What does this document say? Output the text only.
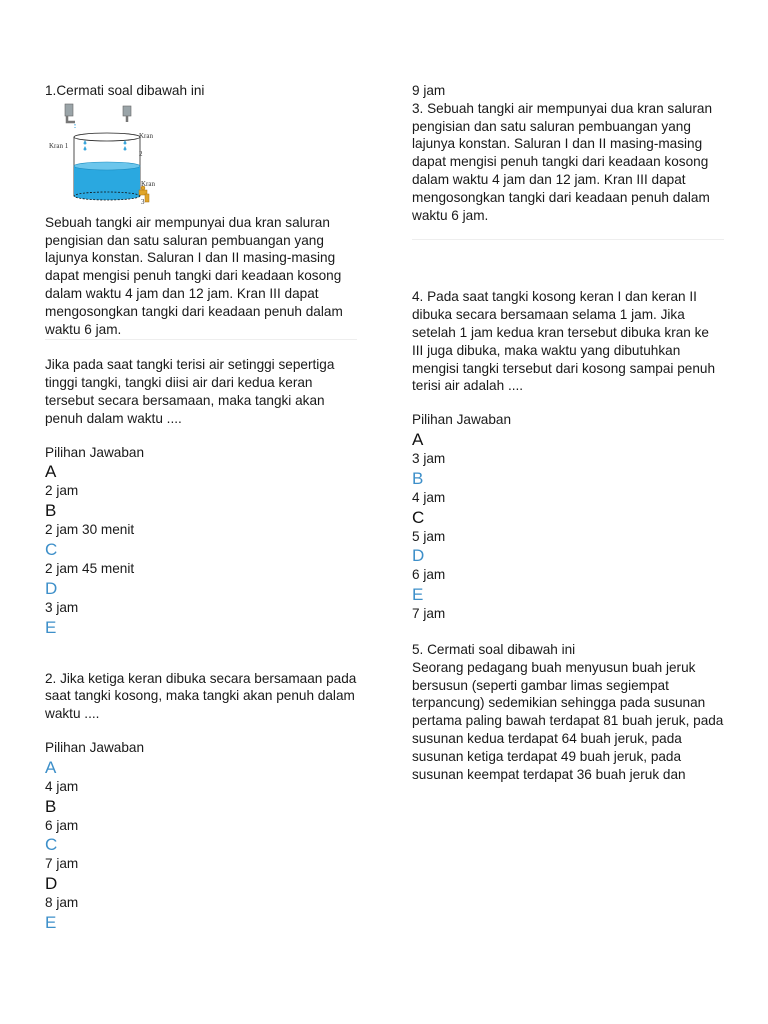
1.Cermati soal dibawah ini

Kran 1
Kran 2
Kran 3

Sebuah tangki air mempunyai dua kran saluran pengisian dan satu saluran pembuangan yang lajunya konstan. Saluran I dan II masing-masing dapat mengisi penuh tangki dari keadaan kosong dalam waktu 4 jam dan 12 jam. Kran III dapat mengosongkan tangki dari keadaan penuh dalam waktu 6 jam.

Jika pada saat tangki terisi air setinggi sepertiga tinggi tangki, tangki diisi air dari kedua keran tersebut secara bersamaan, maka tangki akan penuh dalam waktu ....

Pilihan Jawaban

A

2 jam

B

2 jam 30 menit

C

2 jam 45 menit

D

3 jam

E

2. Jika ketiga keran dibuka secara bersamaan pada saat tangki kosong, maka tangki akan penuh dalam waktu ....

Pilihan Jawaban

A

4 jam

B

6 jam

C

7 jam

D

8 jam

E

9 jam

3. Sebuah tangki air mempunyai dua kran saluran pengisian dan satu saluran pembuangan yang lajunya konstan. Saluran I dan II masing-masing dapat mengisi penuh tangki dari keadaan kosong dalam waktu 4 jam dan 12 jam. Kran III dapat mengosongkan tangki dari keadaan penuh dalam waktu 6 jam.

4. Pada saat tangki kosong keran I dan keran II dibuka secara bersamaan selama 1 jam. Jika setelah 1 jam kedua kran tersebut dibuka kran ke III juga dibuka, maka waktu yang dibutuhkan mengisi tangki tersebut dari kosong sampai penuh terisi air adalah ....

Pilihan Jawaban

A

3 jam

B

4 jam

C

5 jam

D

6 jam

E

7 jam

5. Cermati soal dibawah ini

Seorang pedagang buah menyusun buah jeruk bersusun (seperti gambar limas segiempat terpancung) sedemikian sehingga pada susunan pertama paling bawah terdapat 81 buah jeruk, pada susunan kedua terdapat 64 buah jeruk, pada susunan ketiga terdapat 49 buah jeruk, pada susunan keempat terdapat 36 buah jeruk dan
